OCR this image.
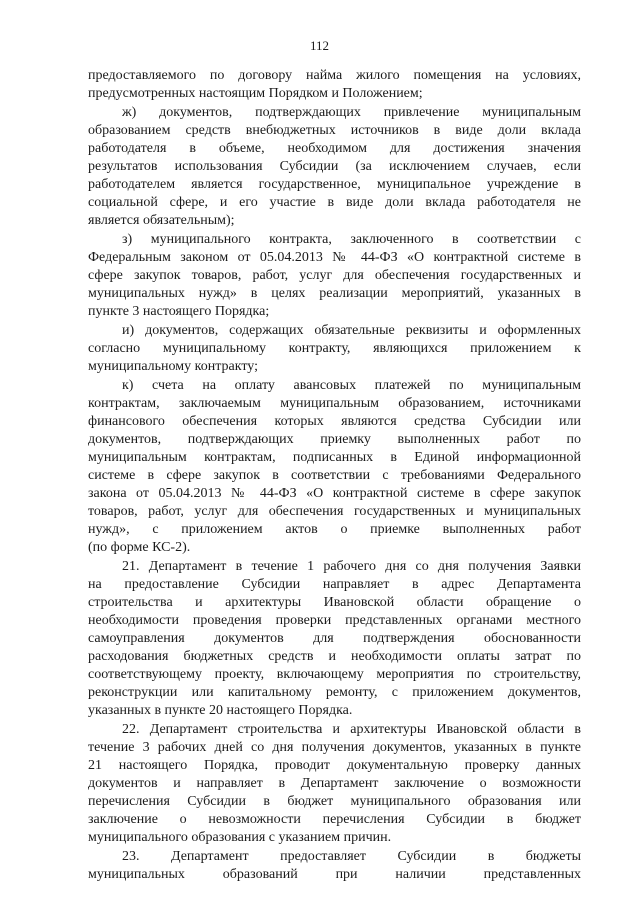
112
предоставляемого по договору найма жилого помещения на условиях,
предусмотренных настоящим Порядком и Положением;
ж) документов, подтверждающих привлечение муниципальным
образованием средств внебюджетных источников в виде доли вклада
работодателя в объеме, необходимом для достижения значения
результатов использования Субсидии (за исключением случаев, если
работодателем является государственное, муниципальное учреждение в
социальной сфере, и его участие в виде доли вклада работодателя не
является обязательным);
з) муниципального контракта, заключенного в соответствии с
Федеральным законом от 05.04.2013 № 44-ФЗ «О контрактной системе в
сфере закупок товаров, работ, услуг для обеспечения государственных и
муниципальных нужд» в целях реализации мероприятий, указанных в
пункте 3 настоящего Порядка;
и) документов, содержащих обязательные реквизиты и оформленных
согласно муниципальному контракту, являющихся приложением к
муниципальному контракту;
к) счета на оплату авансовых платежей по муниципальным
контрактам, заключаемым муниципальным образованием, источниками
финансового обеспечения которых являются средства Субсидии или
документов, подтверждающих приемку выполненных работ по
муниципальным контрактам, подписанных в Единой информационной
системе в сфере закупок в соответствии с требованиями Федерального
закона от 05.04.2013 № 44-ФЗ «О контрактной системе в сфере закупок
товаров, работ, услуг для обеспечения государственных и муниципальных
нужд», с приложением актов о приемке выполненных работ
(по форме КС-2).
21. Департамент в течение 1 рабочего дня со дня получения Заявки
на предоставление Субсидии направляет в адрес Департамента
строительства и архитектуры Ивановской области обращение о
необходимости проведения проверки представленных органами местного
самоуправления документов для подтверждения обоснованности
расходования бюджетных средств и необходимости оплаты затрат по
соответствующему проекту, включающему мероприятия по строительству,
реконструкции или капитальному ремонту, с приложением документов,
указанных в пункте 20 настоящего Порядка.
22. Департамент строительства и архитектуры Ивановской области в
течение 3 рабочих дней со дня получения документов, указанных в пункте
21 настоящего Порядка, проводит документальную проверку данных
документов и направляет в Департамент заключение о возможности
перечисления Субсидии в бюджет муниципального образования или
заключение о невозможности перечисления Субсидии в бюджет
муниципального образования с указанием причин.
23. Департамент предоставляет Субсидии в бюджеты
муниципальных образований при наличии представленных
